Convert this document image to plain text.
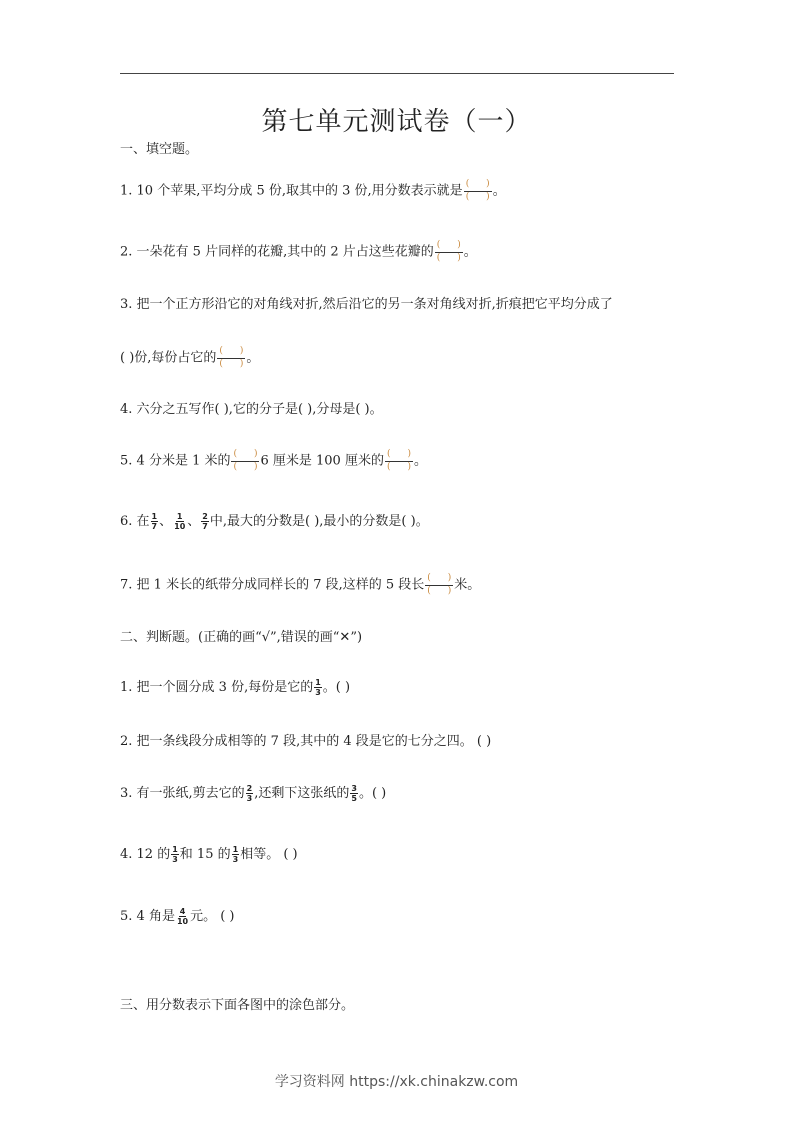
第七单元测试卷（一）
一、填空题。
1. 10 个苹果,平均分成 5 份,取其中的 3 份,用分数表示就是 $\frac{( )}{( )}$ 。
2. 一朵花有 5 片同样的花瓣,其中的 2 片占这些花瓣的 $\frac{( )}{( )}$ 。
3. 把一个正方形沿它的对角线对折,然后沿它的另一条对角线对折,折痕把它平均分成了
( )份,每份占它的 $\frac{( )}{( )}$ 。
4. 六分之五写作( ),它的分子是( ),分母是( )。
5. 4 分米是 1 米的 $\frac{( )}{( )} 6$ 厘米是 100 厘米的 $\frac{( )}{( )}$ 。
6. 在 $\frac{1}{7}$ 、 $\frac{1}{10}$ 、 $\frac{2}{7}$ 中,最大的分数是( ),最小的分数是( )。
7. 把 1 米长的纸带分成同样长的 7 段,这样的 5 段长 $\frac{( )}{( )}$ 米。
二、判断题。(正确的画“√”,错误的画“✕”)
1. 把一个圆分成 3 份,每份是它的 $\frac{1}{3}$ 。( )
2. 把一条线段分成相等的 7 段,其中的 4 段是它的七分之四。 ( )
3. 有一张纸,剪去它的 $\frac{2}{3}$ ,还剩下这张纸的 $\frac{3}{5}$ 。( )
4. 12 的 $\frac{1}{3}$ 和 15 的 $\frac{1}{3}$ 相等。 ( )
5. 4 角是 $\frac{4}{10}$ 元。 ( )
三、用分数表示下面各图中的涂色部分。
学习资料网 https://xk.chinakzw.com
